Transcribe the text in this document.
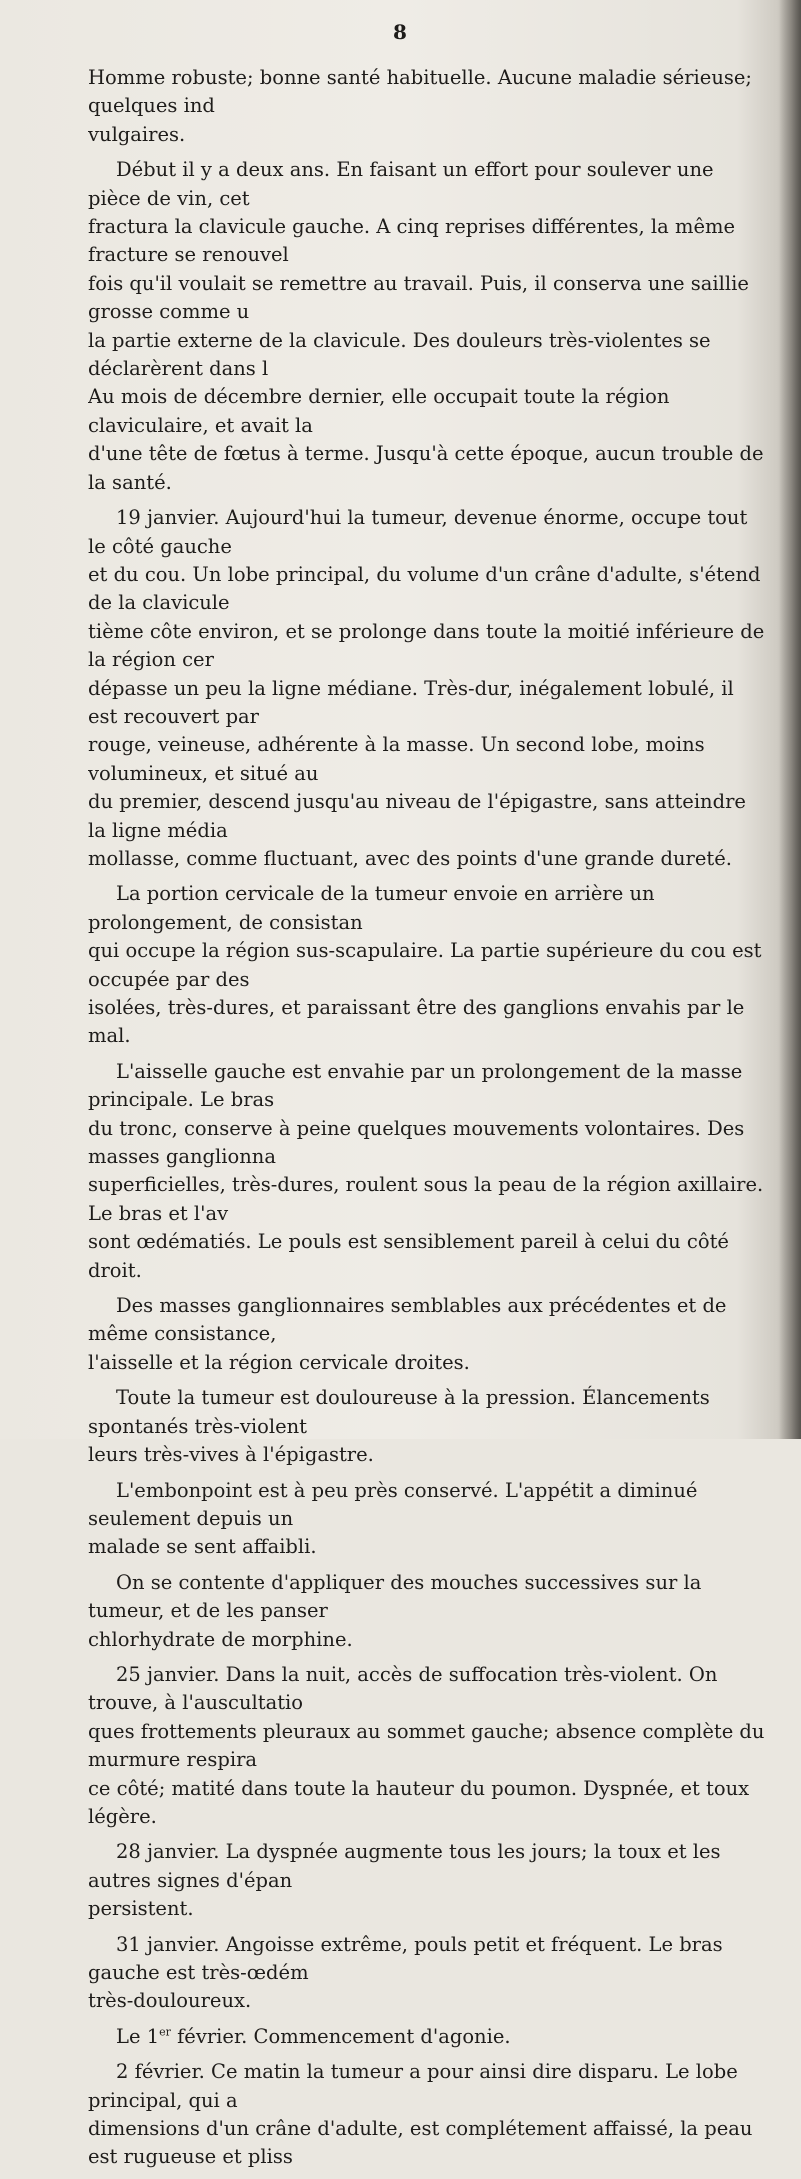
8

Homme robuste; bonne santé habituelle. Aucune maladie sérieuse; quelques ind
vulgaires.

Début il y a deux ans. En faisant un effort pour soulever une pièce de vin, cet
fractura la clavicule gauche. A cinq reprises différentes, la même fracture se renouvel
fois qu'il voulait se remettre au travail. Puis, il conserva une saillie grosse comme u
la partie externe de la clavicule. Des douleurs très-violentes se déclarèrent dans l
Au mois de décembre dernier, elle occupait toute la région claviculaire, et avait la
d'une tête de fœtus à terme. Jusqu'à cette époque, aucun trouble de la santé.

19 janvier. Aujourd'hui la tumeur, devenue énorme, occupe tout le côté gauche
et du cou. Un lobe principal, du volume d'un crâne d'adulte, s'étend de la clavicule
tième côte environ, et se prolonge dans toute la moitié inférieure de la région cer
dépasse un peu la ligne médiane. Très-dur, inégalement lobulé, il est recouvert par
rouge, veineuse, adhérente à la masse. Un second lobe, moins volumineux, et situé au
du premier, descend jusqu'au niveau de l'épigastre, sans atteindre la ligne média
mollasse, comme fluctuant, avec des points d'une grande dureté.

La portion cervicale de la tumeur envoie en arrière un prolongement, de consistan
qui occupe la région sus-scapulaire. La partie supérieure du cou est occupée par des
isolées, très-dures, et paraissant être des ganglions envahis par le mal.

L'aisselle gauche est envahie par un prolongement de la masse principale. Le bras
du tronc, conserve à peine quelques mouvements volontaires. Des masses ganglionna
superficielles, très-dures, roulent sous la peau de la région axillaire. Le bras et l'av
sont œdématiés. Le pouls est sensiblement pareil à celui du côté droit.

Des masses ganglionnaires semblables aux précédentes et de même consistance,
l'aisselle et la région cervicale droites.

Toute la tumeur est douloureuse à la pression. Élancements spontanés très-violent
leurs très-vives à l'épigastre.

L'embonpoint est à peu près conservé. L'appétit a diminué seulement depuis un
malade se sent affaibli.

On se contente d'appliquer des mouches successives sur la tumeur, et de les panser
chlorhydrate de morphine.

25 janvier. Dans la nuit, accès de suffocation très-violent. On trouve, à l'auscultatio
ques frottements pleuraux au sommet gauche; absence complète du murmure respira
ce côté; matité dans toute la hauteur du poumon. Dyspnée, et toux légère.

28 janvier. La dyspnée augmente tous les jours; la toux et les autres signes d'épan
persistent.

31 janvier. Angoisse extrême, pouls petit et fréquent. Le bras gauche est très-œdém
très-douloureux.

Le 1er février. Commencement d'agonie.

2 février. Ce matin la tumeur a pour ainsi dire disparu. Le lobe principal, qui a
dimensions d'un crâne d'adulte, est complétement affaissé, la peau est rugueuse et pliss
